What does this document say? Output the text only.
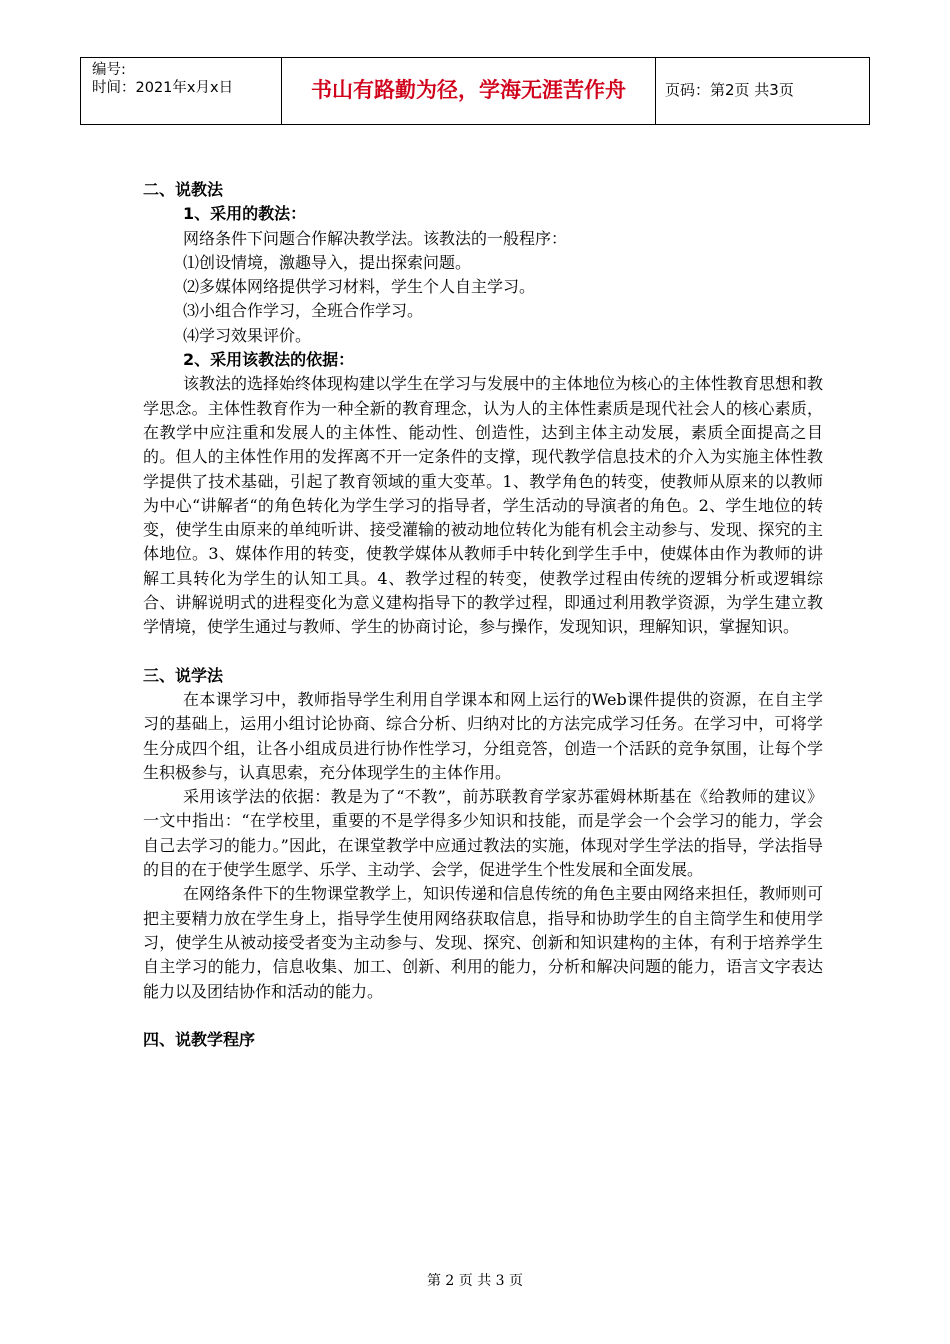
编号:
时间：2021年x月x日	书山有路勤为径，学海无涯苦作舟	页码：第2页 共3页

二、说教法

1、采用的教法：

网络条件下问题合作解决教学法。该教法的一般程序：

⑴创设情境，激趣导入，提出探索问题。

⑵多媒体网络提供学习材料，学生个人自主学习。

⑶小组合作学习，全班合作学习。

⑷学习效果评价。

2、采用该教法的依据：

该教法的选择始终体现构建以学生在学习与发展中的主体地位为核心的主体性教育思想和教学思念。主体性教育作为一种全新的教育理念，认为人的主体性素质是现代社会人的核心素质，在教学中应注重和发展人的主体性、能动性、创造性，达到主体主动发展，素质全面提高之目的。但人的主体性作用的发挥离不开一定条件的支撑，现代教学信息技术的介入为实施主体性教学提供了技术基础，引起了教育领域的重大变革。1、教学角色的转变，使教师从原来的以教师为中心“讲解者“的角色转化为学生学习的指导者，学生活动的导演者的角色。2、学生地位的转变，使学生由原来的单纯听讲、接受灌输的被动地位转化为能有机会主动参与、发现、探究的主体地位。3、媒体作用的转变，使教学媒体从教师手中转化到学生手中，使媒体由作为教师的讲解工具转化为学生的认知工具。4、教学过程的转变，使教学过程由传统的逻辑分析或逻辑综合、讲解说明式的进程变化为意义建构指导下的教学过程，即通过利用教学资源，为学生建立教学情境，使学生通过与教师、学生的协商讨论，参与操作，发现知识，理解知识，掌握知识。

三、说学法

在本课学习中，教师指导学生利用自学课本和网上运行的Web课件提供的资源，在自主学习的基础上，运用小组讨论协商、综合分析、归纳对比的方法完成学习任务。在学习中，可将学生分成四个组，让各小组成员进行协作性学习，分组竞答，创造一个活跃的竞争氛围，让每个学生积极参与，认真思索，充分体现学生的主体作用。

采用该学法的依据：教是为了“不教”，前苏联教育学家苏霍姆林斯基在《给教师的建议》一文中指出：“在学校里，重要的不是学得多少知识和技能，而是学会一个会学习的能力，学会自己去学习的能力。”因此，在课堂教学中应通过教法的实施，体现对学生学法的指导，学法指导的目的在于使学生愿学、乐学、主动学、会学，促进学生个性发展和全面发展。

在网络条件下的生物课堂教学上，知识传递和信息传统的角色主要由网络来担任，教师则可把主要精力放在学生身上，指导学生使用网络获取信息，指导和协助学生的自主筒学生和使用学习，使学生从被动接受者变为主动参与、发现、探究、创新和知识建构的主体，有利于培养学生自主学习的能力，信息收集、加工、创新、利用的能力，分析和解决问题的能力，语言文字表达能力以及团结协作和活动的能力。

四、说教学程序

第 2 页 共 3 页
